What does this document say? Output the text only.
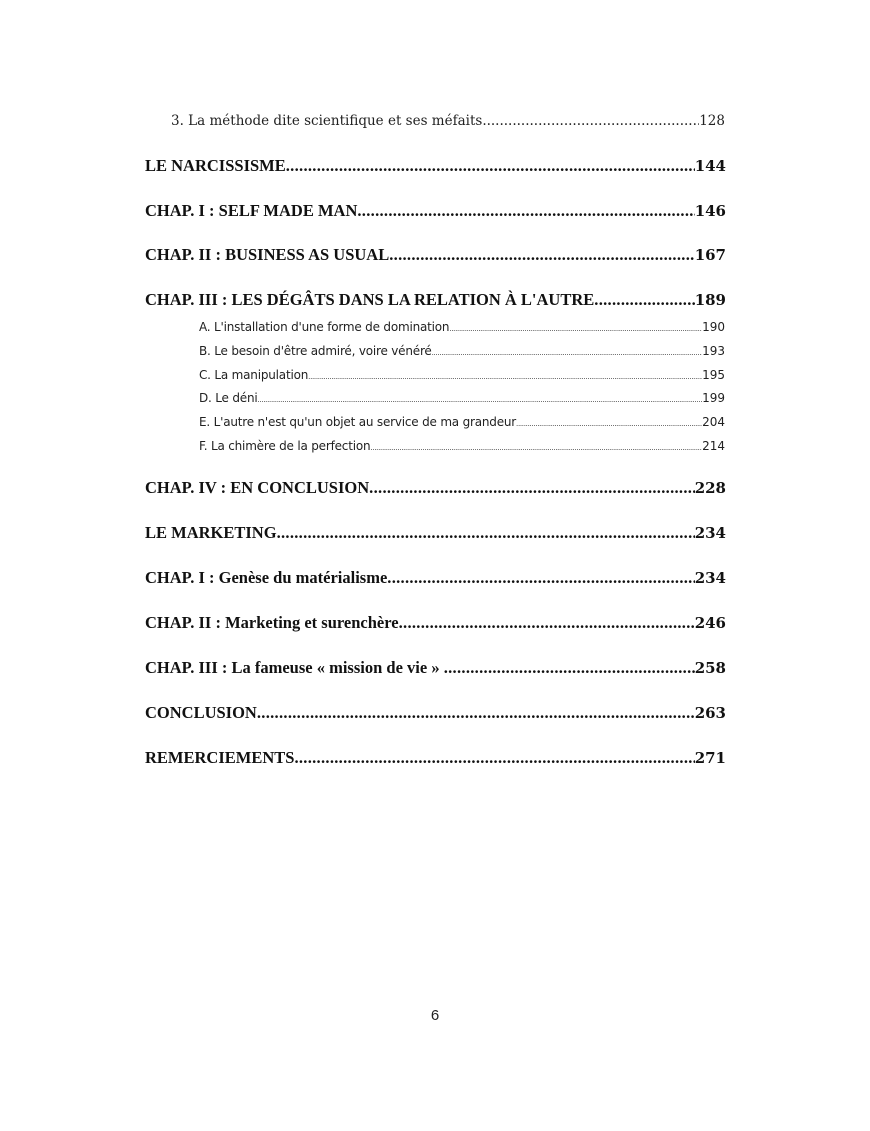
3. La méthode dite scientifique et ses méfaits .....	128
LE NARCISSISME .....	144
CHAP. I : SELF MADE MAN .....	146
CHAP. II : BUSINESS AS USUAL .....	167
CHAP. III : LES DÉGÂTS DANS LA RELATION À L'AUTRE .....	189
A. L'installation d'une forme de domination .....	190
B. Le besoin d'être admiré, voire vénéré .....	193
C. La manipulation .....	195
D. Le déni .....	199
E. L'autre n'est qu'un objet au service de ma grandeur .....	204
F. La chimère de la perfection .....	214
CHAP. IV : EN CONCLUSION .....	228
LE MARKETING .....	234
CHAP. I : Genèse du matérialisme .....	234
CHAP. II : Marketing et surenchère .....	246
CHAP. III : La fameuse « mission de vie » .....	258
CONCLUSION .....	263
REMERCIEMENTS .....	271
6
